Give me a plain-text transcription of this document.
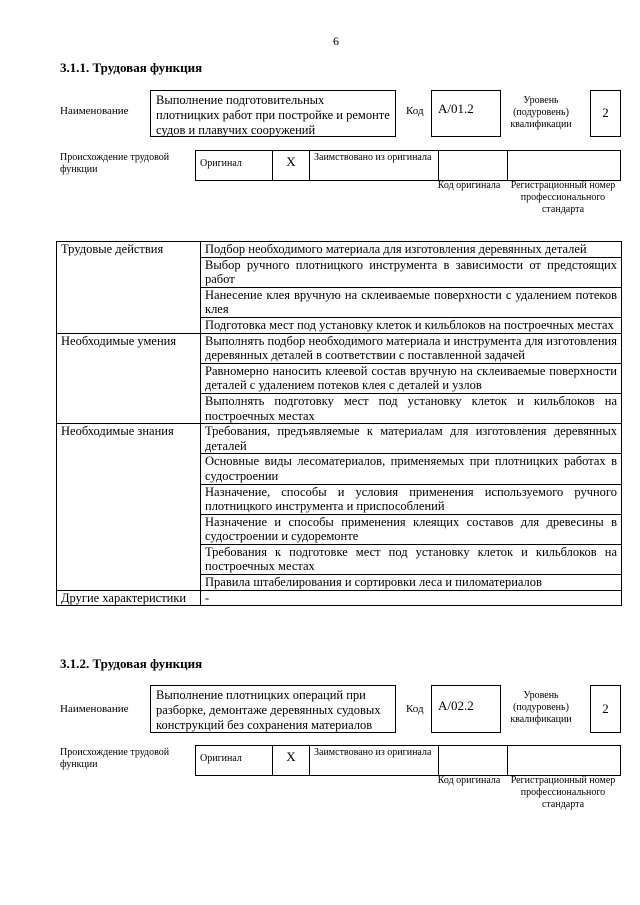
6
3.1.1. Трудовая функция
Наименование
Выполнение подготовительных плотницких работ при постройке и ремонте судов и плавучих сооружений
Код	А/01.2
Уровень (подуровень) квалификации
2
Происхождение трудовой функции
Оригинал	X	Заимствовано из оригинала		
Код оригинала	Регистрационный номер профессионального стандарта
Трудовые действия	Подбор необходимого материала для изготовления деревянных деталей
	Выбор ручного плотницкого инструмента в зависимости от предстоящих работ
	Нанесение клея вручную на склеиваемые поверхности с удалением потеков клея
	Подготовка мест под установку клеток и кильблоков на построечных местах
Необходимые умения	Выполнять подбор необходимого материала и инструмента для изготовления деревянных деталей в соответствии с поставленной задачей
	Равномерно наносить клеевой состав вручную на склеиваемые поверхности деталей с удалением потеков клея с деталей и узлов
	Выполнять подготовку мест под установку клеток и кильблоков на построечных местах
Необходимые знания	Требования, предъявляемые к материалам для изготовления деревянных деталей
	Основные виды лесоматериалов, применяемых при плотницких работах в судостроении
	Назначение, способы и условия применения используемого ручного плотницкого инструмента и приспособлений
	Назначение и способы применения клеящих составов для древесины в судостроении и судоремонте
	Требования к подготовке мест под установку клеток и кильблоков на построечных местах
	Правила штабелирования и сортировки леса и пиломатериалов
Другие характеристики	-
3.1.2. Трудовая функция
Наименование
Выполнение плотницких операций при разборке, демонтаже деревянных судовых конструкций без сохранения материалов
Код	А/02.2
Уровень (подуровень) квалификации
2
Происхождение трудовой функции
Оригинал	X	Заимствовано из оригинала		
Код оригинала	Регистрационный номер профессионального стандарта
